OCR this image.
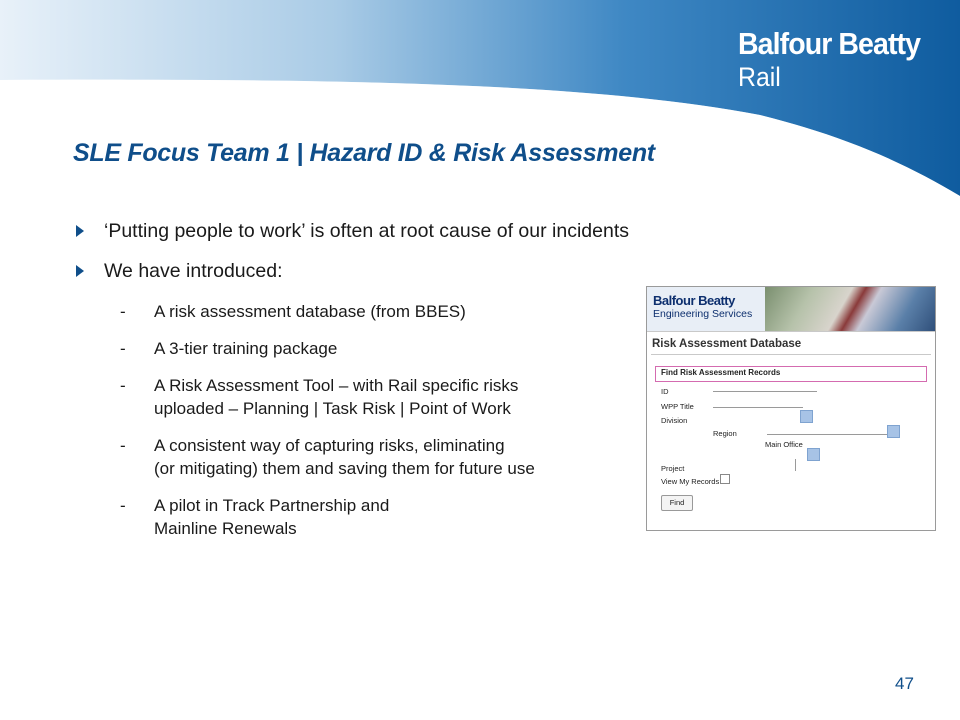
Balfour Beatty
Rail
SLE Focus Team 1 | Hazard ID & Risk Assessment
‘Putting people to work’ is often at root cause of our incidents
We have introduced:
- A risk assessment database (from BBES)
- A 3-tier training package
- A Risk Assessment Tool – with Rail specific risks
uploaded – Planning | Task Risk | Point of Work
- A consistent way of capturing risks, eliminating
(or mitigating) them and saving them for future use
- A pilot in Track Partnership and
Mainline Renewals
Balfour Beatty
Engineering Services
Risk Assessment Database
Find Risk Assessment Records
ID
WPP Title
Division
Region
Main Office
Project
View My Records
Find
47
